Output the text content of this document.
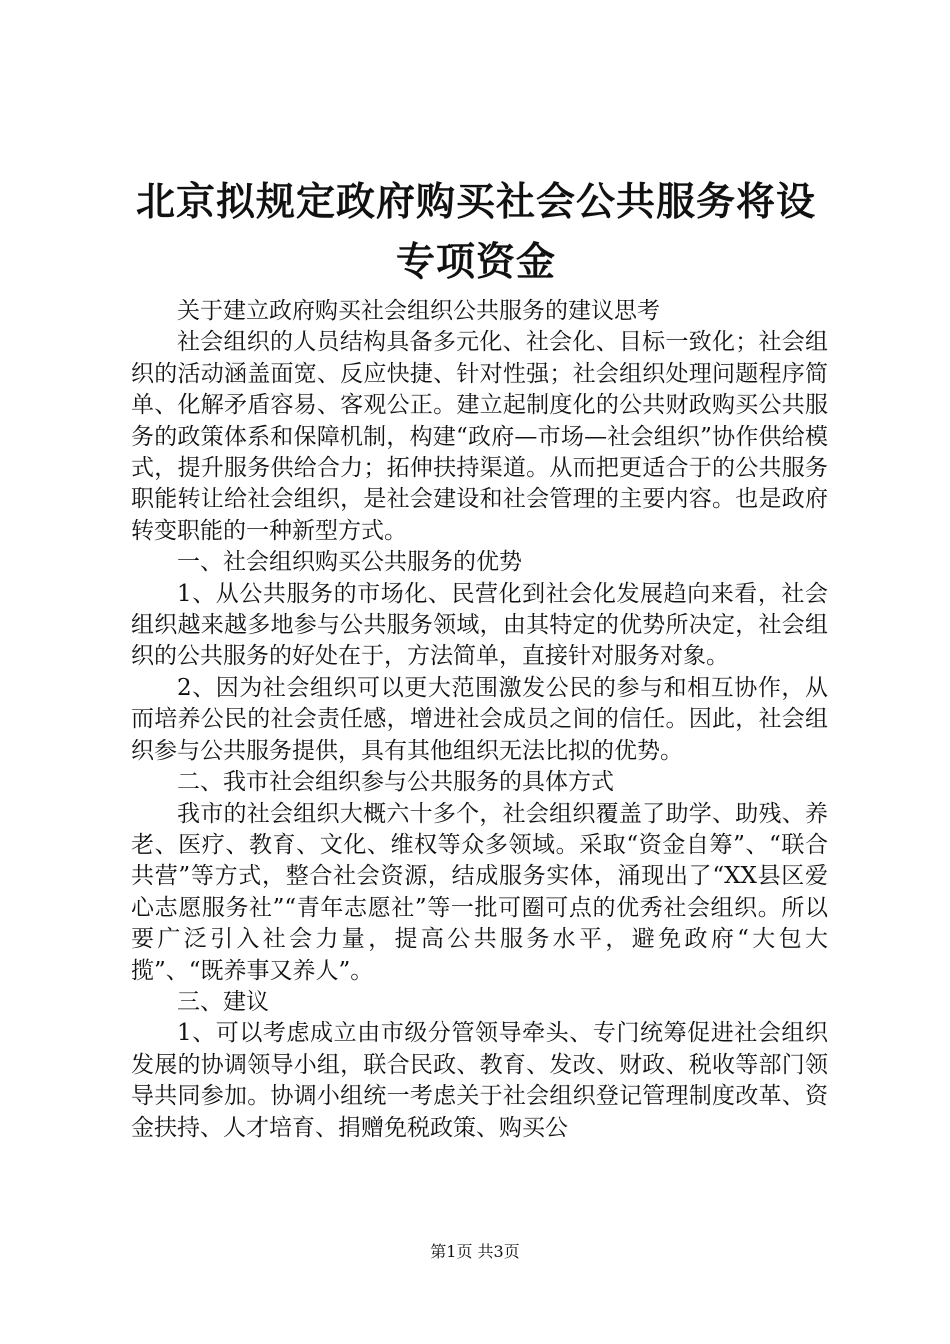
北京拟规定政府购买社会公共服务将设专项资金

关于建立政府购买社会组织公共服务的建议思考

社会组织的人员结构具备多元化、社会化、目标一致化；社会组织的活动涵盖面宽、反应快捷、针对性强；社会组织处理问题程序简单、化解矛盾容易、客观公正。建立起制度化的公共财政购买公共服务的政策体系和保障机制，构建“政府—市场—社会组织”协作供给模式，提升服务供给合力；拓伸扶持渠道。从而把更适合于的公共服务职能转让给社会组织，是社会建设和社会管理的主要内容。也是政府转变职能的一种新型方式。

一、社会组织购买公共服务的优势

1、从公共服务的市场化、民营化到社会化发展趋向来看，社会组织越来越多地参与公共服务领域，由其特定的优势所决定，社会组织的公共服务的好处在于，方法简单，直接针对服务对象。

2、因为社会组织可以更大范围激发公民的参与和相互协作，从而培养公民的社会责任感，增进社会成员之间的信任。因此，社会组织参与公共服务提供，具有其他组织无法比拟的优势。

二、我市社会组织参与公共服务的具体方式

我市的社会组织大概六十多个，社会组织覆盖了助学、助残、养老、医疗、教育、文化、维权等众多领域。采取“资金自筹”、“联合共营”等方式，整合社会资源，结成服务实体，涌现出了“XX县区爱心志愿服务社”“青年志愿社”等一批可圈可点的优秀社会组织。所以要广泛引入社会力量，提高公共服务水平，避免政府“大包大揽”、“既养事又养人”。

三、建议

1、可以考虑成立由市级分管领导牵头、专门统筹促进社会组织发展的协调领导小组，联合民政、教育、发改、财政、税收等部门领导共同参加。协调小组统一考虑关于社会组织登记管理制度改革、资金扶持、人才培育、捐赠免税政策、购买公

第1页 共3页
